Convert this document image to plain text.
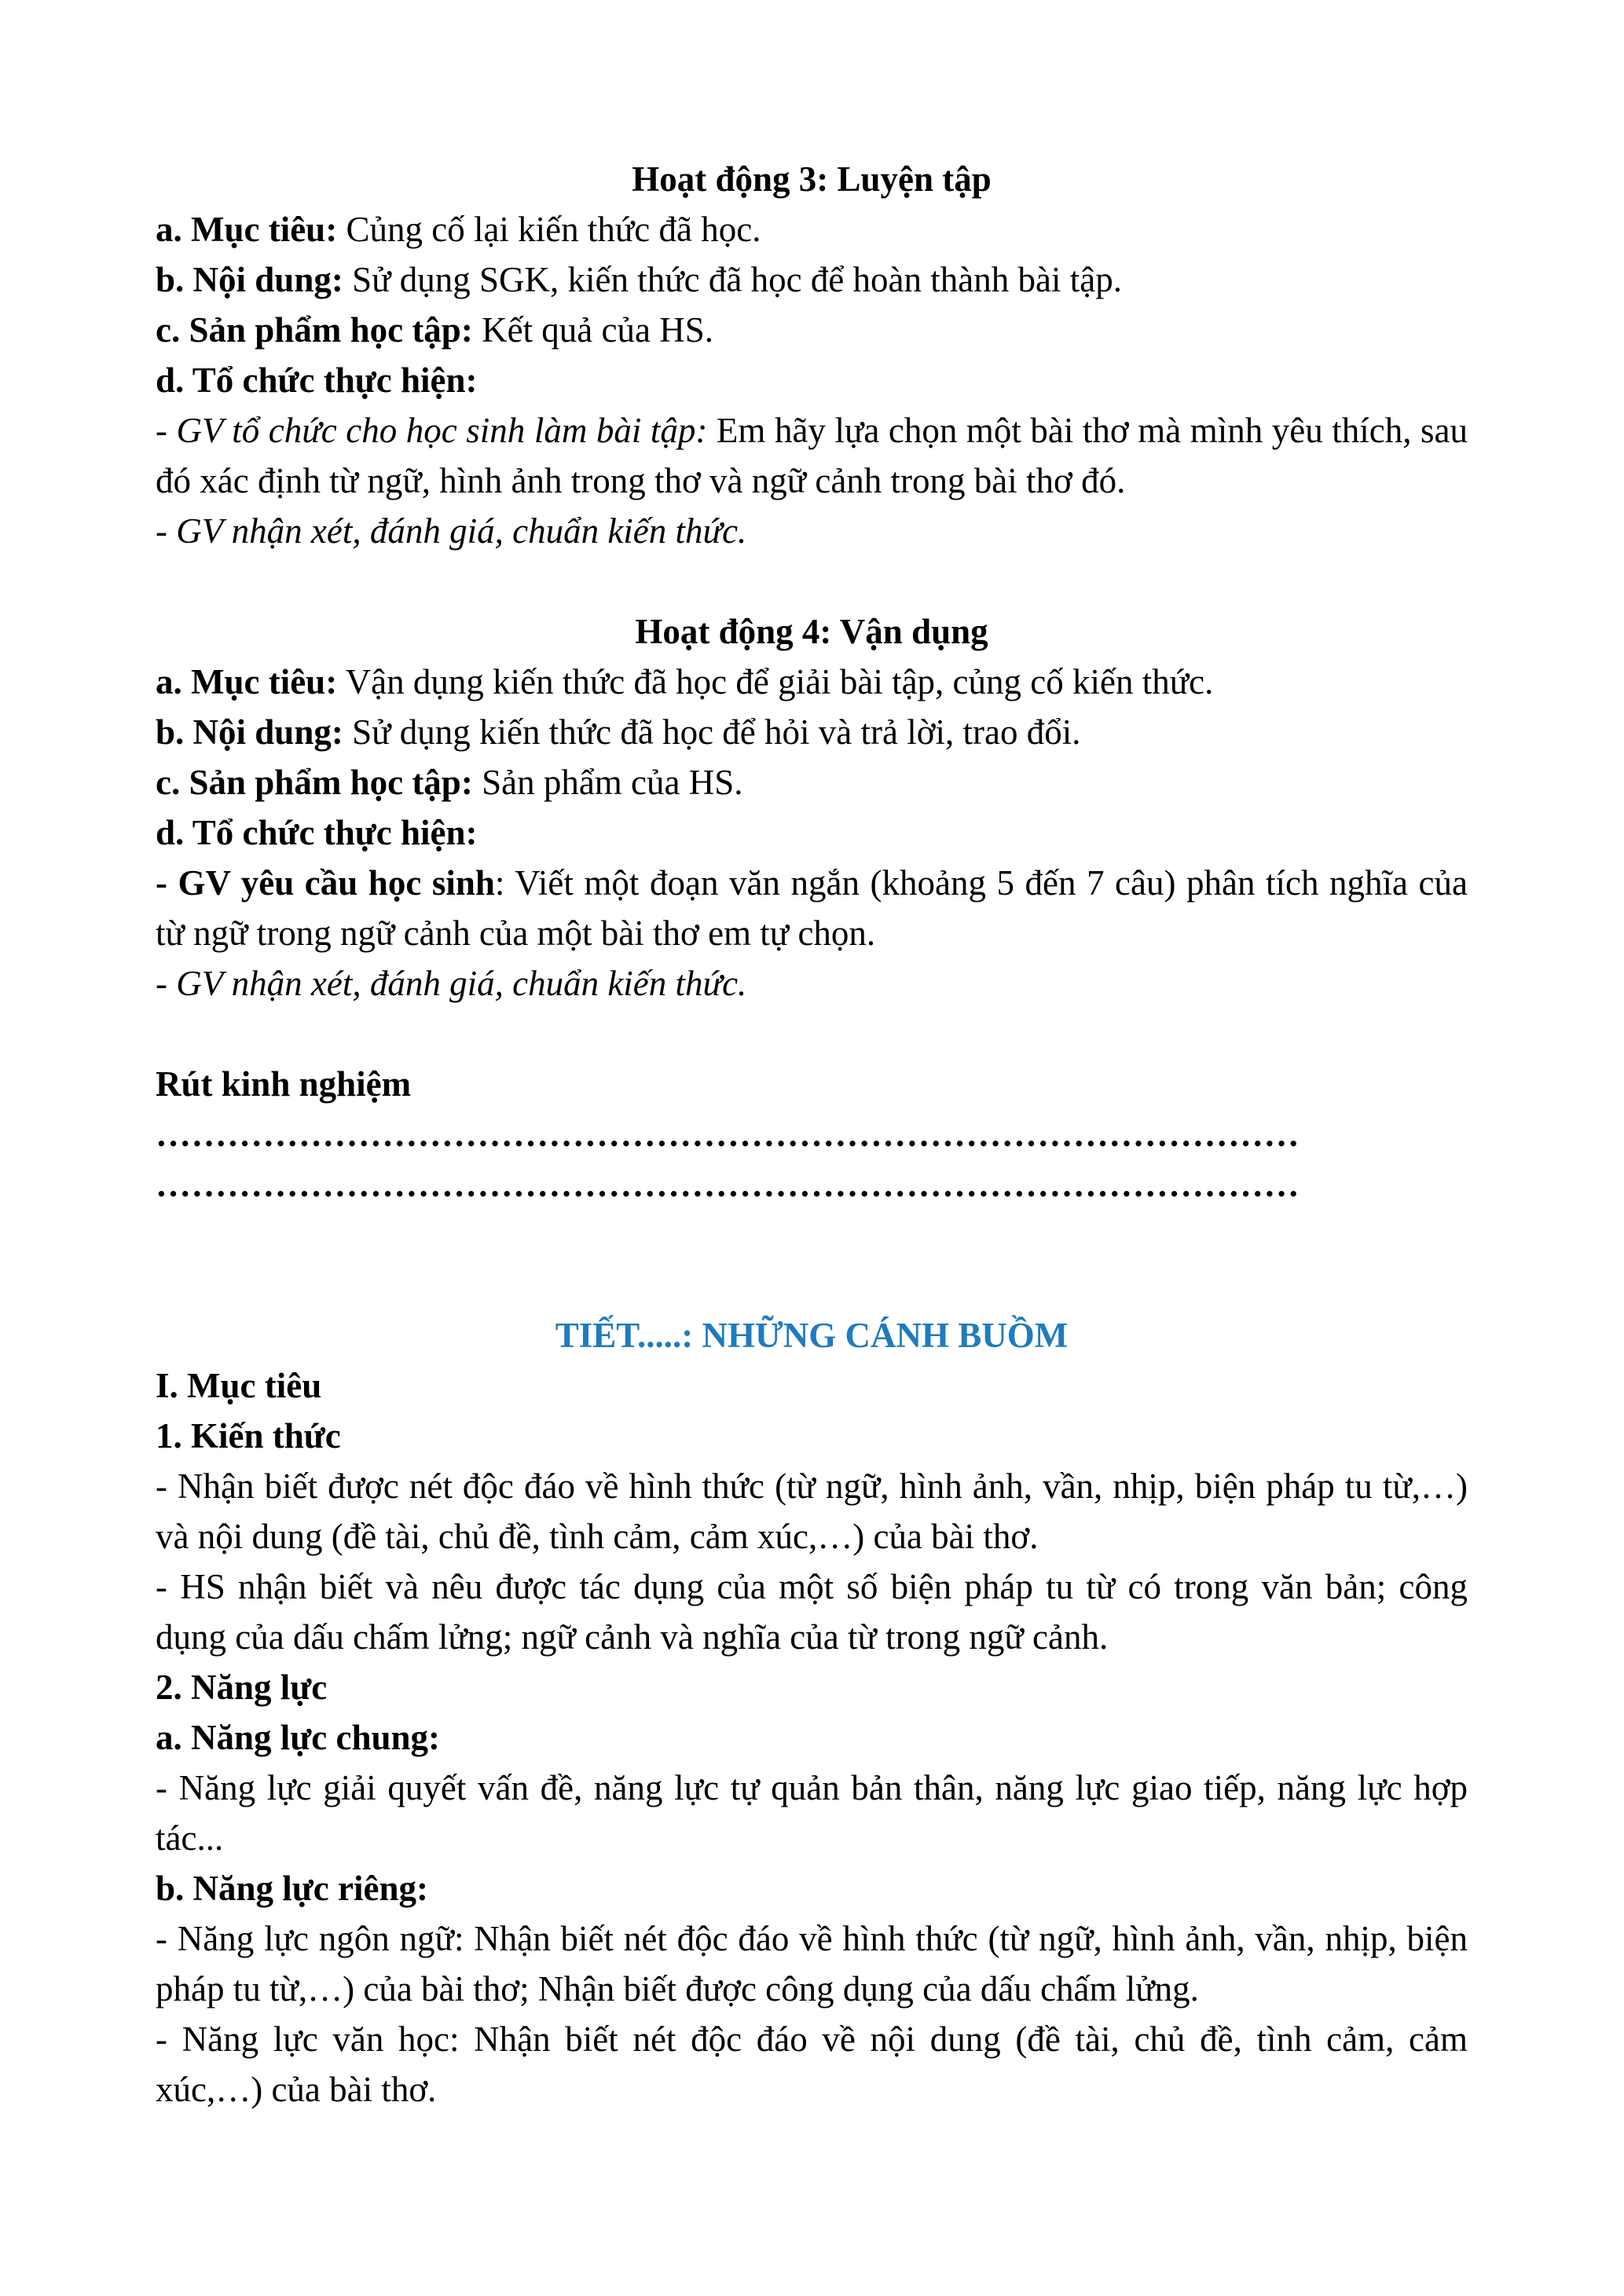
Hoạt động 3: Luyện tập

a. Mục tiêu: Củng cố lại kiến thức đã học.

b. Nội dung: Sử dụng SGK, kiến thức đã học để hoàn thành bài tập.

c. Sản phẩm học tập: Kết quả của HS.

d. Tổ chức thực hiện:

- GV tổ chức cho học sinh làm bài tập: Em hãy lựa chọn một bài thơ mà mình yêu thích, sau đó xác định từ ngữ, hình ảnh trong thơ và ngữ cảnh trong bài thơ đó.

- GV nhận xét, đánh giá, chuẩn kiến thức.

Hoạt động 4: Vận dụng

a. Mục tiêu: Vận dụng kiến thức đã học để giải bài tập, củng cố kiến thức.

b. Nội dung: Sử dụng kiến thức đã học để hỏi và trả lời, trao đổi.

c. Sản phẩm học tập: Sản phẩm của HS.

d. Tổ chức thực hiện:

- GV yêu cầu học sinh: Viết một đoạn văn ngắn (khoảng 5 đến 7 câu) phân tích nghĩa của từ ngữ trong ngữ cảnh của một bài thơ em tự chọn.

- GV nhận xét, đánh giá, chuẩn kiến thức.

Rút kinh nghiệm

……………………………………………………………………………………

……………………………………………………………………………………

TIẾT.....: NHỮNG CÁNH BUỒM

I. Mục tiêu

1. Kiến thức

- Nhận biết được nét độc đáo về hình thức (từ ngữ, hình ảnh, vần, nhịp, biện pháp tu từ,…) và nội dung (đề tài, chủ đề, tình cảm, cảm xúc,…) của bài thơ.

- HS nhận biết và nêu được tác dụng của một số biện pháp tu từ có trong văn bản; công dụng của dấu chấm lửng; ngữ cảnh và nghĩa của từ trong ngữ cảnh.

2. Năng lực

a. Năng lực chung:

- Năng lực giải quyết vấn đề, năng lực tự quản bản thân, năng lực giao tiếp, năng lực hợp tác...

b. Năng lực riêng:

- Năng lực ngôn ngữ: Nhận biết nét độc đáo về hình thức (từ ngữ, hình ảnh, vần, nhịp, biện pháp tu từ,…) của bài thơ; Nhận biết được công dụng của dấu chấm lửng.

- Năng lực văn học: Nhận biết nét độc đáo về nội dung (đề tài, chủ đề, tình cảm, cảm xúc,…) của bài thơ.
